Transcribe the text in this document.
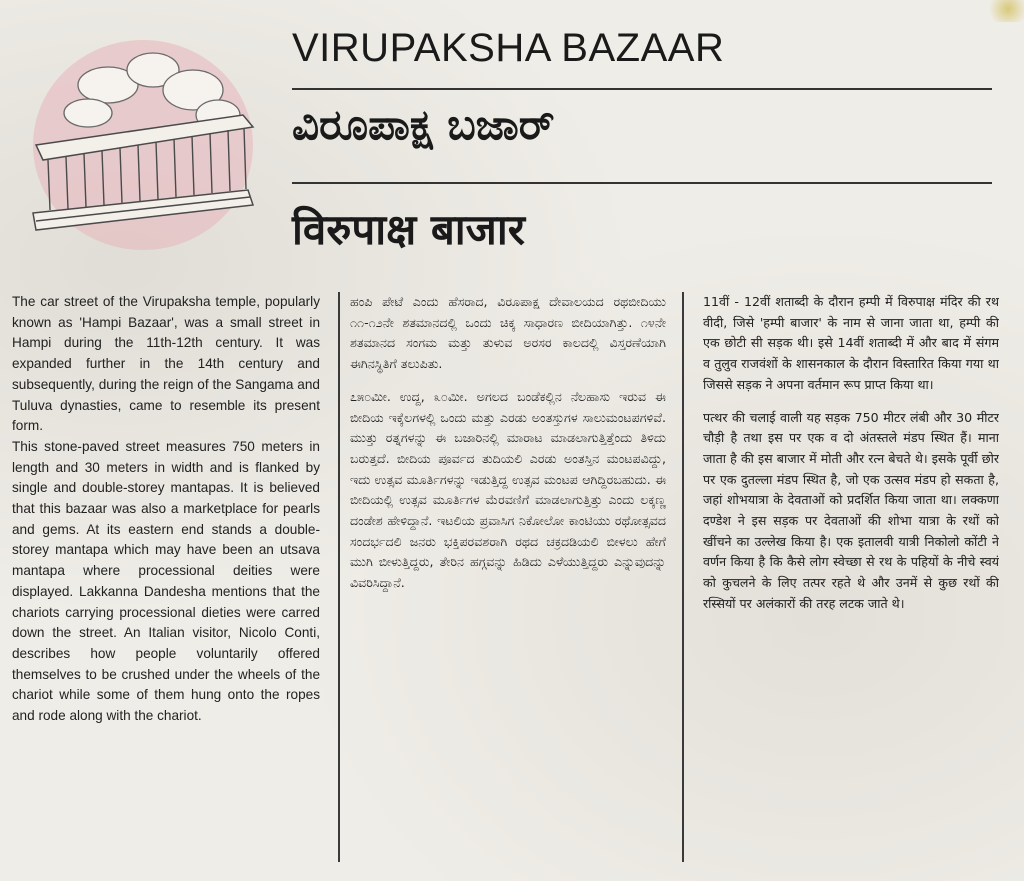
VIRUPAKSHA BAZAAR
ವಿರೂಪಾಕ್ಷ ಬಜಾರ್
विरुपाक्ष बाजार

The car street of the Virupaksha temple, popularly known as 'Hampi Bazaar', was a small street in Hampi during the 11th-12th century. It was expanded further in the 14th century and subsequently, during the reign of the Sangama and Tuluva dynasties, came to resemble its present form.

This stone-paved street measures 750 meters in length and 30 meters in width and is flanked by single and double-storey mantapas. It is believed that this bazaar was also a marketplace for pearls and gems. At its eastern end stands a double-storey mantapa which may have been an utsava mantapa where processional deities were displayed. Lakkanna Dandesha mentions that the chariots carrying processional dieties were carred down the street. An Italian visitor, Nicolo Conti, describes how people voluntarily offered themselves to be crushed under the wheels of the chariot while some of them hung onto the ropes and rode along with the chariot.

ಹಂಪಿ ಪೇಟೆ ಎಂದು ಹೆಸರಾದ, ವಿರೂಪಾಕ್ಷ ದೇವಾಲಯದ ರಥಬೀದಿಯು ೧೧-೧೨ನೇ ಶತಮಾನದಲ್ಲಿ ಒಂದು ಚಿಕ್ಕ ಸಾಧಾರಣ ಬೀದಿಯಾಗಿತ್ತು. ೧೪ನೇ ಶತಮಾನದ ಸಂಗಮ ಮತ್ತು ತುಳುವ ಅರಸರ ಕಾಲದಲ್ಲಿ ವಿಸ್ತರಣೆಯಾಗಿ ಈಗಿನಸ್ಥಿತಿಗೆ ತಲುಪಿತು.

೭೫೦ಮೀ. ಉದ್ದ, ೩೦ಮೀ. ಅಗಲದ ಬಂಡೆಕಲ್ಲಿನ ನೆಲಹಾಸು ಇರುವ ಈ ಬೀದಿಯ ಇಕ್ಕೆಲಗಳಲ್ಲಿ ಒಂದು ಮತ್ತು ಎರಡು ಅಂತಸ್ತುಗಳ ಸಾಲುಮಂಟಪಗಳಿವೆ. ಮುತ್ತು ರತ್ನಗಳನ್ನು ಈ ಬಜಾರಿನಲ್ಲಿ ಮಾರಾಟ ಮಾಡಲಾಗುತ್ತಿತ್ತೆಂದು ತಿಳಿದು ಬರುತ್ತದೆ. ಬೀದಿಯ ಪೂರ್ವದ ತುದಿಯಲಿ ಎರಡು ಅಂತಸ್ತಿನ ಮಂಟಪವಿದ್ದು, ಇದು ಉತ್ಸವ ಮೂರ್ತಿಗಳನ್ನು ಇಡುತ್ತಿದ್ದ ಉತ್ಸವ ಮಂಟಪ ಆಗಿದ್ದಿರಬಹುದು. ಈ ಬೀದಿಯಲ್ಲಿ ಉತ್ಸವ ಮೂರ್ತಿಗಳ ಮೆರವಣಿಗೆ ಮಾಡಲಾಗುತ್ತಿತ್ತು ಎಂದು ಲಕ್ಕಣ್ಣ ದಂಡೇಶ ಹೇಳಿದ್ದಾನೆ. ಇಟಲಿಯ ಪ್ರವಾಸಿಗ ನಿಕೋಲೋ ಕಾಂಟಿಯು ರಥೋತ್ಸವದ ಸಂದರ್ಭದಲಿ ಜನರು ಭಕ್ತಿಪರವಶರಾಗಿ ರಥದ ಚಕ್ರದಡಿಯಲಿ ಬೀಳಲು ಹೇಗೆ ಮುಗಿ ಬೀಳುತ್ತಿದ್ದರು, ತೇರಿನ ಹಗ್ಗವನ್ನು ಹಿಡಿದು ಎಳೆಯುತ್ತಿದ್ದರು ಎನ್ನುವುದನ್ನು ವಿವರಿಸಿದ್ದಾನೆ.

11वीं - 12वीं शताब्दी के दौरान हम्पी में विरुपाक्ष मंदिर की रथ वीदी, जिसे 'हम्पी बाजार' के नाम से जाना जाता था, हम्पी की एक छोटी सी सड़क थी। इसे 14वीं शताब्दी में और बाद में संगम व तुलुव राजवंशों के शासनकाल के दौरान विस्तारित किया गया था जिससे सड़क ने अपना वर्तमान रूप प्राप्त किया था।

पत्थर की चलाई वाली यह सड़क 750 मीटर लंबी और 30 मीटर चौड़ी है तथा इस पर एक व दो अंतस्तले मंडप स्थित हैं। माना जाता है की इस बाजार में मोती और रत्न बेचते थे। इसके पूर्वी छोर पर एक दुतल्ला मंडप स्थित है, जो एक उत्सव मंडप हो सकता है, जहां शोभयात्रा के देवताओं को प्रदर्शित किया जाता था। लक्कणा दण्डेश ने इस सड़क पर देवताओं की शोभा यात्रा के रथों को खींचने का उल्लेख किया है। एक इतालवी यात्री निकोलो कोंटी ने वर्णन किया है कि कैसे लोग स्वेच्छा से रथ के पहियों के नीचे स्वयं को कुचलने के लिए तत्पर रहते थे और उनमें से कुछ रथों की रस्सियों पर अलंकारों की तरह लटक जाते थे।
